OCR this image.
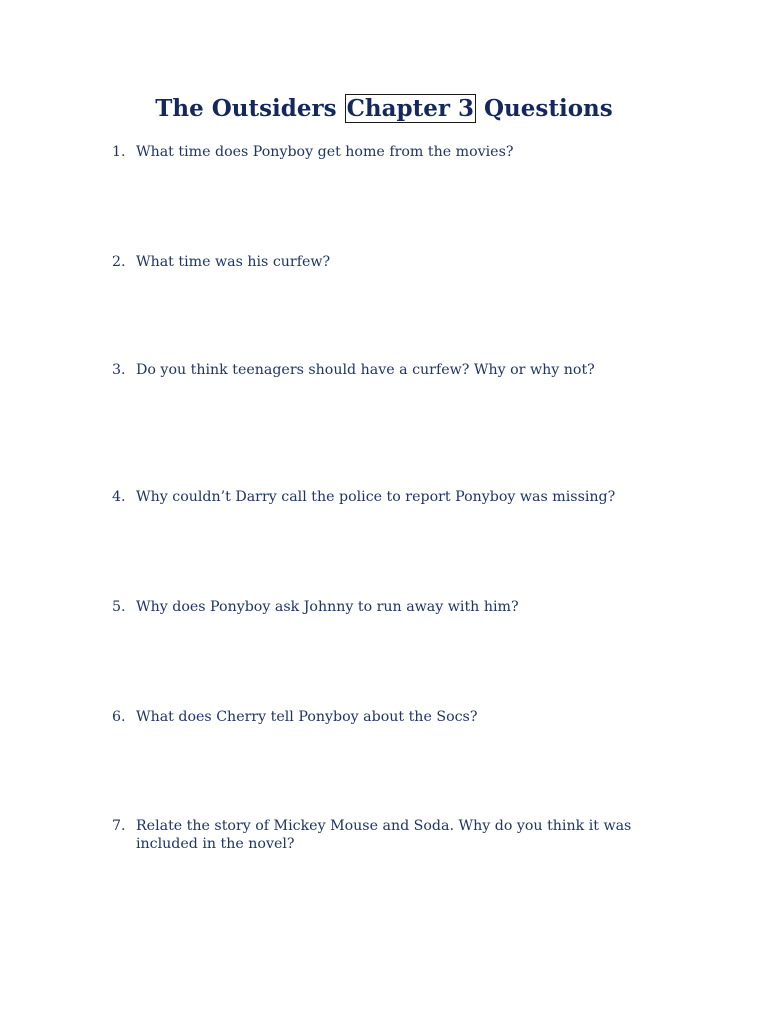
The Outsiders Chapter 3 Questions
1. What time does Ponyboy get home from the movies?
2. What time was his curfew?
3. Do you think teenagers should have a curfew? Why or why not?
4. Why couldn’t Darry call the police to report Ponyboy was missing?
5. Why does Ponyboy ask Johnny to run away with him?
6. What does Cherry tell Ponyboy about the Socs?
7. Relate the story of Mickey Mouse and Soda. Why do you think it was included in the novel?
